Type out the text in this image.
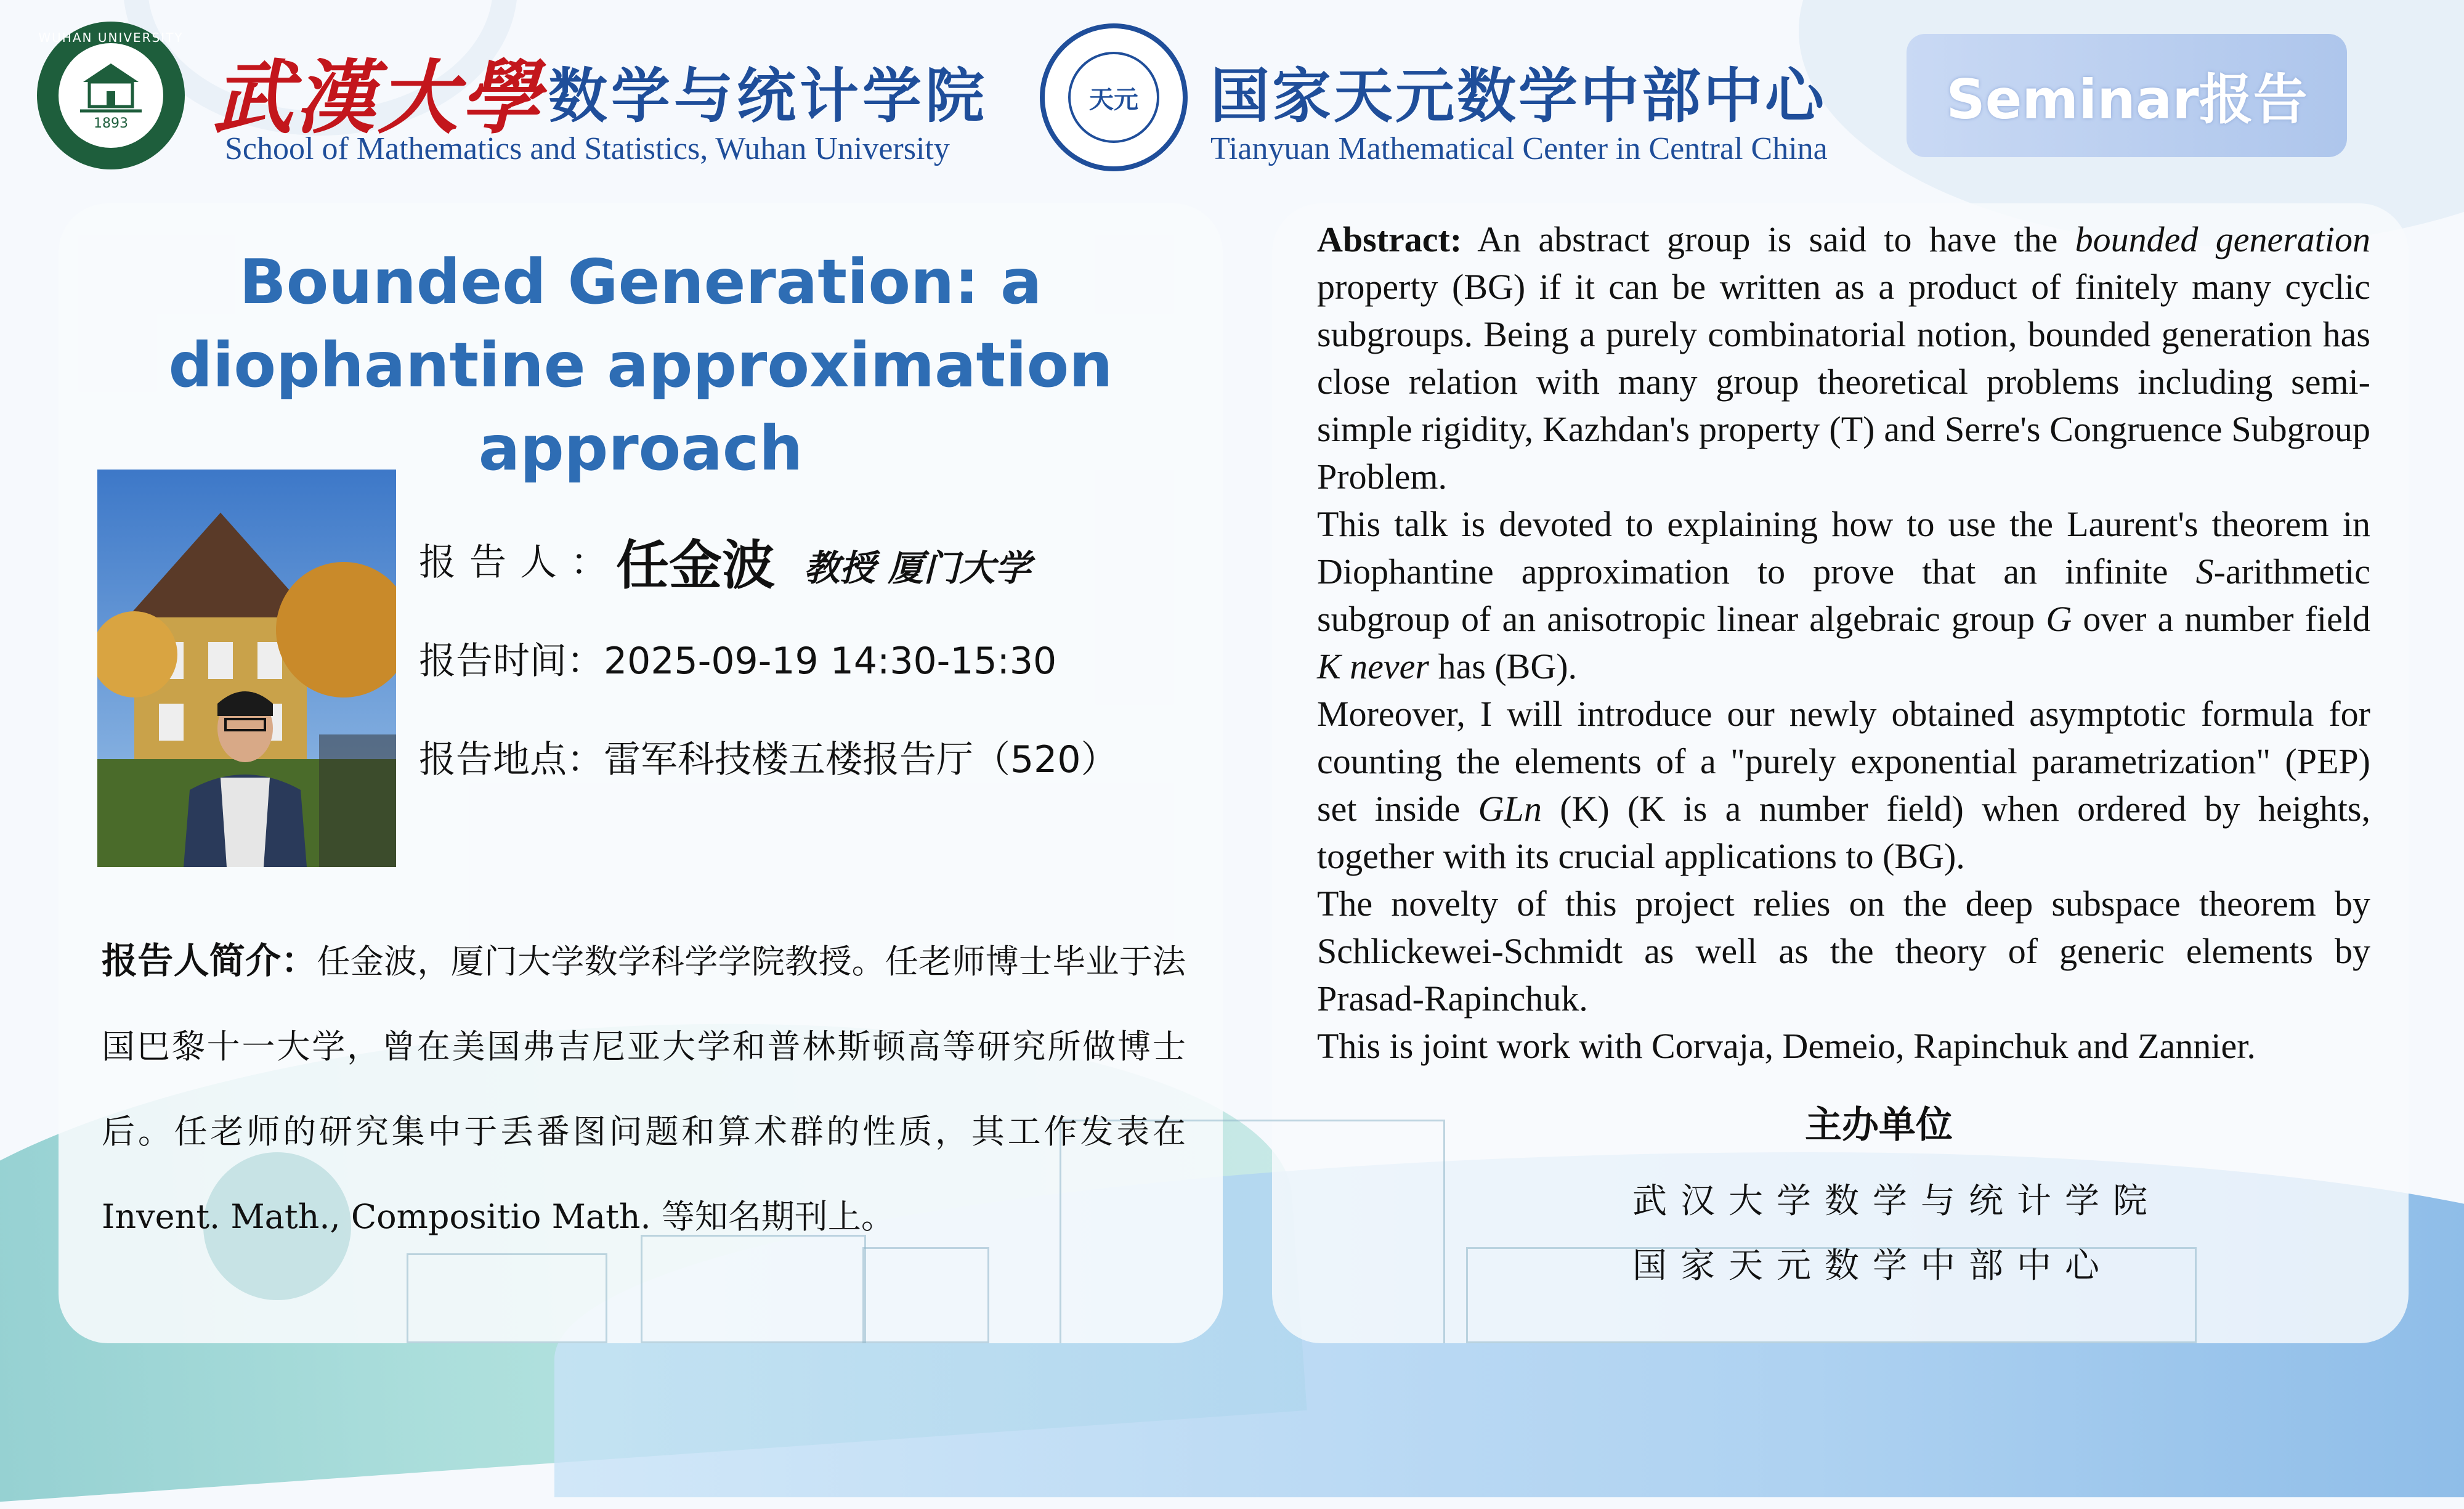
WUHAN UNIVERSITY
1893 武漢大學 数学与统计学院
School of Mathematics and Statistics, Wuhan University
天元	国家天元数学中部中心
Tianyuan Mathematical Center in Central China
Seminar报告
Bounded Generation: a diophantine approximation approach
报告人：
任金波 教授 厦门大学
报告时间：2025-09-19 14:30-15:30
报告地点：雷军科技楼五楼报告厅（520）
报告人简介：任金波，厦门大学数学科学学院教授。任老师博士毕业于法国巴黎十一大学，曾在美国弗吉尼亚大学和普林斯顿高等研究所做博士后。任老师的研究集中于丢番图问题和算术群的性质，其工作发表在 Invent. Math., Compositio Math. 等知名期刊上。

Abstract: An abstract group is said to have the bounded generation property (BG) if it can be written as a product of finitely many cyclic subgroups. Being a purely combinatorial notion, bounded generation has close relation with many group theoretical problems including semi-simple rigidity, Kazhdan's property (T) and Serre's Congruence Subgroup Problem.

This talk is devoted to explaining how to use the Laurent's theorem in Diophantine approximation to prove that an infinite S-arithmetic subgroup of an anisotropic linear algebraic group G over a number field K never has (BG).

Moreover, I will introduce our newly obtained asymptotic formula for counting the elements of a "purely exponential parametrization" (PEP) set inside GLn (K) (K is a number field) when ordered by heights, together with its crucial applications to (BG).

The novelty of this project relies on the deep subspace theorem by Schlickewei-Schmidt as well as the theory of generic elements by Prasad-Rapinchuk.

This is joint work with Corvaja, Demeio, Rapinchuk and Zannier.

主办单位
武汉大学数学与统计学院
国家天元数学中部中心
